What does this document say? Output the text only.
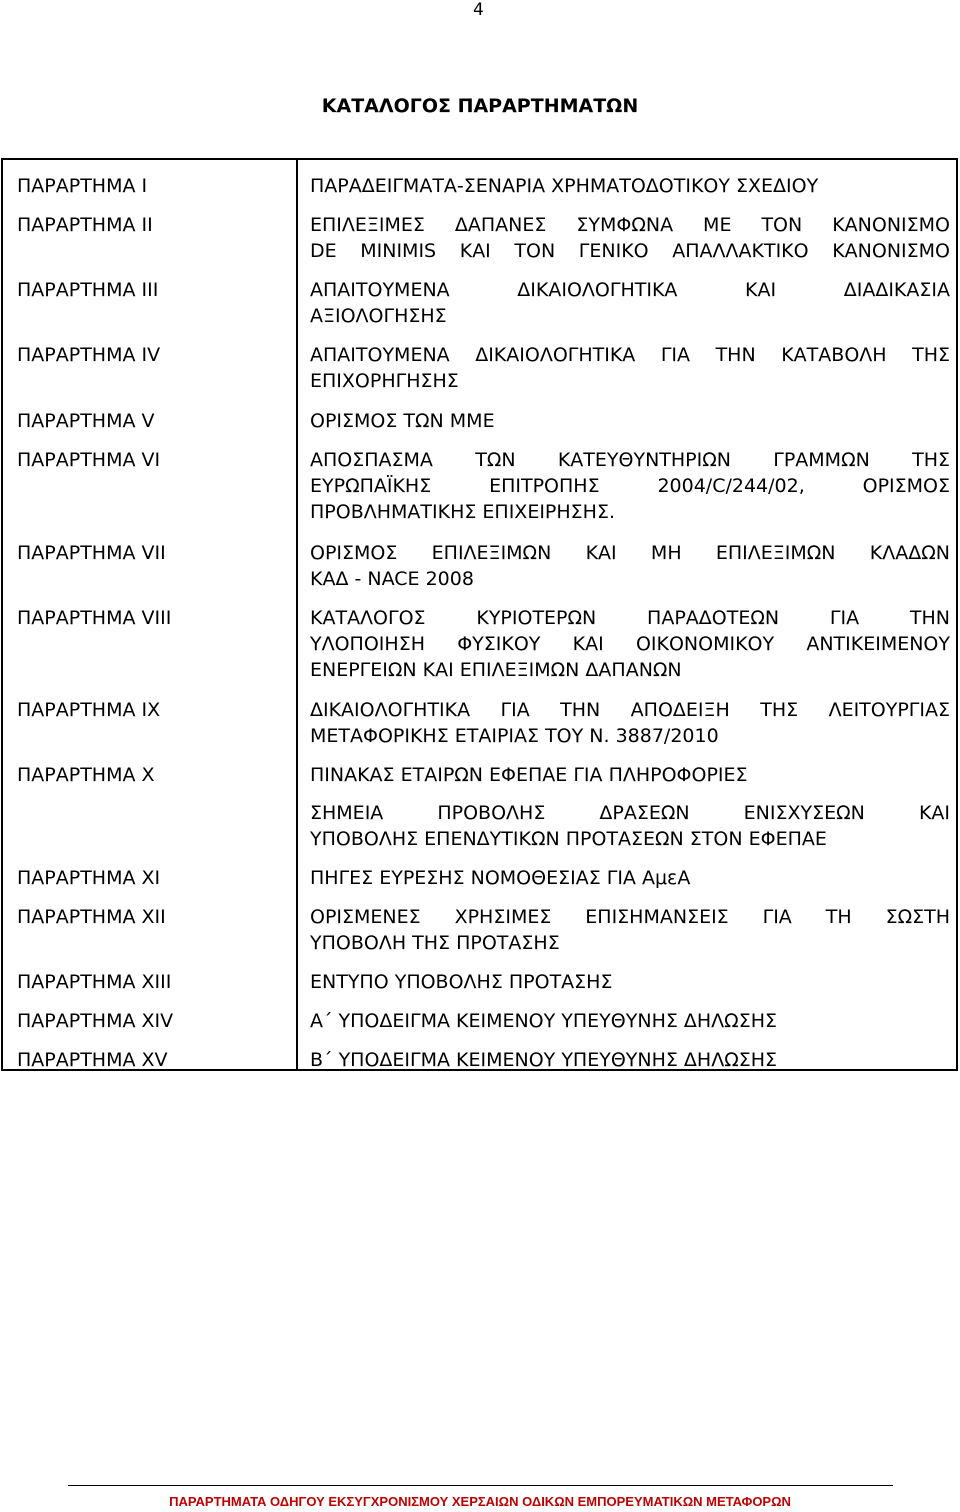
4
ΚΑΤΑΛΟΓΟΣ ΠΑΡΑΡΤΗΜΑΤΩΝ
ΠΑΡΑΡΤΗΜΑ I	ΠΑΡΑΔΕΙΓΜΑΤΑ-ΣΕΝΑΡΙΑ ΧΡΗΜΑΤΟΔΟΤΙΚΟΥ ΣΧΕΔΙΟΥ
ΠΑΡΑΡΤΗΜΑ II	ΕΠΙΛΕΞΙΜΕΣ ΔΑΠΑΝΕΣ ΣΥΜΦΩΝΑ ΜΕ ΤΟΝ ΚΑΝΟΝΙΣΜΟ
DE MINIMIS ΚΑΙ ΤΟΝ ΓΕΝΙΚΟ ΑΠΑΛΛΑΚΤΙΚΟ ΚΑΝΟΝΙΣΜΟ
ΠΑΡΑΡΤΗΜΑ III	ΑΠΑΙΤΟΥΜΕΝΑ ΔΙΚΑΙΟΛΟΓΗΤΙΚΑ ΚΑΙ ΔΙΑΔΙΚΑΣΙΑ
ΑΞΙΟΛΟΓΗΣΗΣ
ΠΑΡΑΡΤΗΜΑ IV	ΑΠΑΙΤΟΥΜΕΝΑ ΔΙΚΑΙΟΛΟΓΗΤΙΚΑ ΓΙΑ ΤΗΝ ΚΑΤΑΒΟΛΗ ΤΗΣ
ΕΠΙΧΟΡΗΓΗΣΗΣ
ΠΑΡΑΡΤΗΜΑ V	ΟΡΙΣΜΟΣ ΤΩΝ ΜΜΕ
ΠΑΡΑΡΤΗΜΑ VI	ΑΠΟΣΠΑΣΜΑ ΤΩΝ ΚΑΤΕΥΘΥΝΤΗΡΙΩΝ ΓΡΑΜΜΩΝ ΤΗΣ
ΕΥΡΩΠΑΪΚΗΣ ΕΠΙΤΡΟΠΗΣ 2004/C/244/02, ΟΡΙΣΜΟΣ
ΠΡΟΒΛΗΜΑΤΙΚΗΣ ΕΠΙΧΕΙΡΗΣΗΣ.
ΠΑΡΑΡΤΗΜΑ VII	ΟΡΙΣΜΟΣ ΕΠΙΛΕΞΙΜΩΝ ΚΑΙ ΜΗ ΕΠΙΛΕΞΙΜΩΝ ΚΛΑΔΩΝ
ΚΑΔ - NACE 2008
ΠΑΡΑΡΤΗΜΑ VIII	ΚΑΤΑΛΟΓΟΣ ΚΥΡΙΟΤΕΡΩΝ ΠΑΡΑΔΟΤΕΩΝ ΓΙΑ ΤΗΝ
ΥΛΟΠΟΙΗΣΗ ΦΥΣΙΚΟΥ ΚΑΙ ΟΙΚΟΝΟΜΙΚΟΥ ΑΝΤΙΚΕΙΜΕΝΟΥ
ΕΝΕΡΓΕΙΩΝ ΚΑΙ ΕΠΙΛΕΞΙΜΩΝ ΔΑΠΑΝΩΝ
ΠΑΡΑΡΤΗΜΑ IX	ΔΙΚΑΙΟΛΟΓΗΤΙΚΑ ΓΙΑ ΤΗΝ ΑΠΟΔΕΙΞΗ ΤΗΣ ΛΕΙΤΟΥΡΓΙΑΣ
ΜΕΤΑΦΟΡΙΚΗΣ ΕΤΑΙΡΙΑΣ ΤΟΥ Ν. 3887/2010
ΠΑΡΑΡΤΗΜΑ X	ΠΙΝΑΚΑΣ ΕΤΑΙΡΩΝ ΕΦΕΠΑΕ ΓΙΑ ΠΛΗΡΟΦΟΡΙΕΣ
ΣΗΜΕΙΑ ΠΡΟΒΟΛΗΣ ΔΡΑΣΕΩΝ ΕΝΙΣΧΥΣΕΩΝ ΚΑΙ
ΥΠΟΒΟΛΗΣ ΕΠΕΝΔΥΤΙΚΩΝ ΠΡΟΤΑΣΕΩΝ ΣΤΟΝ ΕΦΕΠΑΕ
ΠΑΡΑΡΤΗΜΑ XI	ΠΗΓΕΣ ΕΥΡΕΣΗΣ ΝΟΜΟΘΕΣΙΑΣ ΓΙΑ ΑμεΑ
ΠΑΡΑΡΤΗΜΑ XII	ΟΡΙΣΜΕΝΕΣ ΧΡΗΣΙΜΕΣ ΕΠΙΣΗΜΑΝΣΕΙΣ ΓΙΑ ΤΗ ΣΩΣΤΗ
ΥΠΟΒΟΛΗ ΤΗΣ ΠΡΟΤΑΣΗΣ
ΠΑΡΑΡΤΗΜΑ XIII	ΕΝΤΥΠΟ ΥΠΟΒΟΛΗΣ ΠΡΟΤΑΣΗΣ
ΠΑΡΑΡΤΗΜΑ XIV	Α΄ ΥΠΟΔΕΙΓΜΑ ΚΕΙΜΕΝΟΥ ΥΠΕΥΘΥΝΗΣ ΔΗΛΩΣΗΣ
ΠΑΡΑΡΤΗΜΑ XV	Β΄ ΥΠΟΔΕΙΓΜΑ ΚΕΙΜΕΝΟΥ ΥΠΕΥΘΥΝΗΣ ΔΗΛΩΣΗΣ
ΠΑΡΑΡΤΗΜΑΤΑ ΟΔΗΓΟΥ ΕΚΣΥΓΧΡΟΝΙΣΜΟΥ ΧΕΡΣΑΙΩΝ ΟΔΙΚΩΝ ΕΜΠΟΡΕΥΜΑΤΙΚΩΝ ΜΕΤΑΦΟΡΩΝ
